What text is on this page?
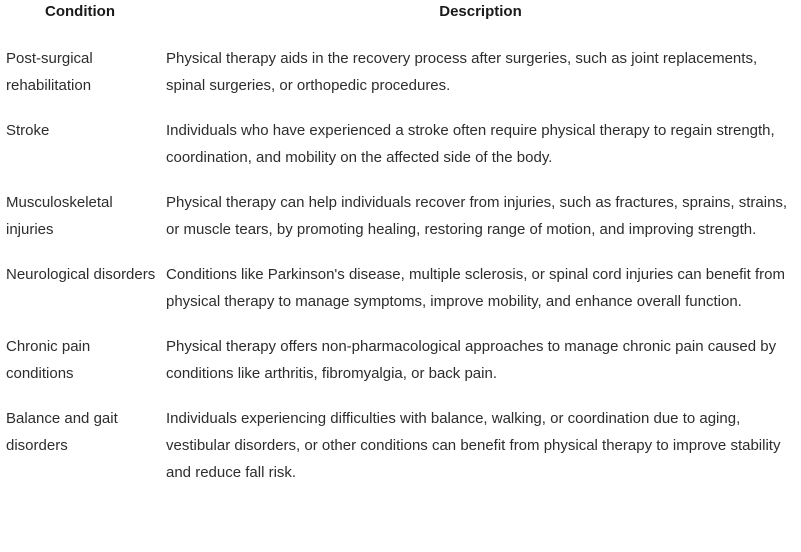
Condition	Description
Post-surgical rehabilitation	Physical therapy aids in the recovery process after surgeries, such as joint replacements, spinal surgeries, or orthopedic procedures.
Stroke	Individuals who have experienced a stroke often require physical therapy to regain strength, coordination, and mobility on the affected side of the body.
Musculoskeletal injuries	Physical therapy can help individuals recover from injuries, such as fractures, sprains, strains, or muscle tears, by promoting healing, restoring range of motion, and improving strength.
Neurological disorders	Conditions like Parkinson's disease, multiple sclerosis, or spinal cord injuries can benefit from physical therapy to manage symptoms, improve mobility, and enhance overall function.
Chronic pain conditions	Physical therapy offers non-pharmacological approaches to manage chronic pain caused by conditions like arthritis, fibromyalgia, or back pain.
Balance and gait disorders	Individuals experiencing difficulties with balance, walking, or coordination due to aging, vestibular disorders, or other conditions can benefit from physical therapy to improve stability and reduce fall risk.
